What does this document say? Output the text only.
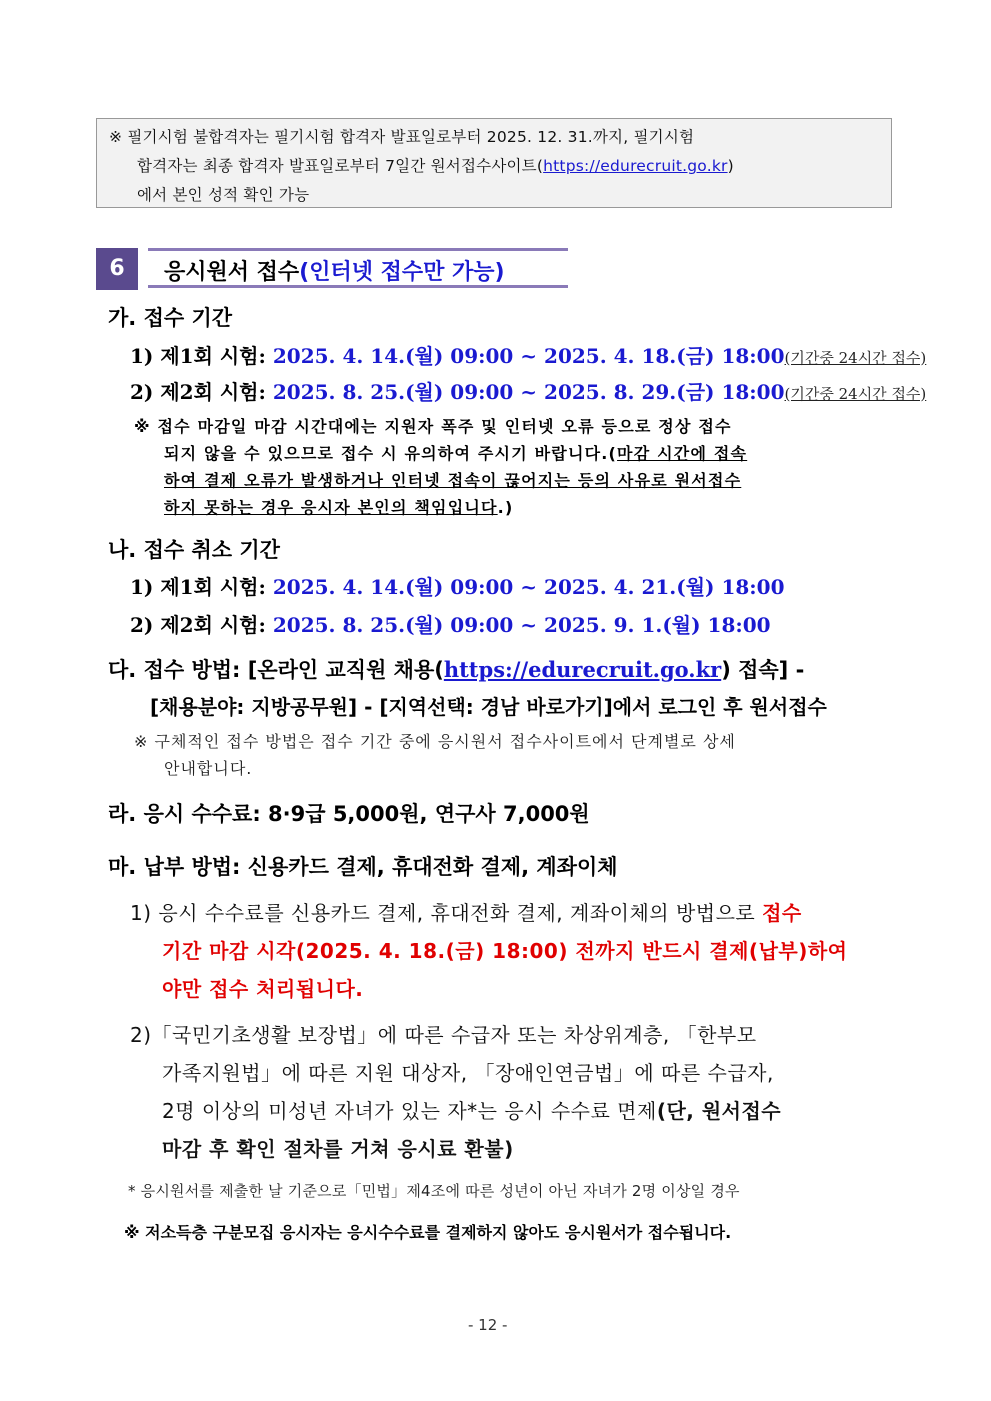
※ 필기시험 불합격자는 필기시험 합격자 발표일로부터 2025. 12. 31.까지, 필기시험
합격자는 최종 합격자 발표일로부터 7일간 원서접수사이트(https://edurecruit.go.kr)
에서 본인 성적 확인 가능
6	응시원서 접수(인터넷 접수만 가능)
가. 접수 기간
1) 제1회 시험: 2025. 4. 14.(월) 09:00 ~ 2025. 4. 18.(금) 18:00(기간중 24시간 접수)
2) 제2회 시험: 2025. 8. 25.(월) 09:00 ~ 2025. 8. 29.(금) 18:00(기간중 24시간 접수)
※ 접수 마감일 마감 시간대에는 지원자 폭주 및 인터넷 오류 등으로 정상 접수
되지 않을 수 있으므로 접수 시 유의하여 주시기 바랍니다.(마감 시간에 접속
하여 결제 오류가 발생하거나 인터넷 접속이 끊어지는 등의 사유로 원서접수
하지 못하는 경우 응시자 본인의 책임입니다.)
나. 접수 취소 기간
1) 제1회 시험: 2025. 4. 14.(월) 09:00 ~ 2025. 4. 21.(월) 18:00
2) 제2회 시험: 2025. 8. 25.(월) 09:00 ~ 2025. 9. 1.(월) 18:00
다. 접수 방법: [온라인 교직원 채용(https://edurecruit.go.kr) 접속] -
[채용분야: 지방공무원] - [지역선택: 경남 바로가기]에서 로그인 후 원서접수
※ 구체적인 접수 방법은 접수 기간 중에 응시원서 접수사이트에서 단계별로 상세
안내합니다.
라. 응시 수수료: 8·9급 5,000원, 연구사 7,000원
마. 납부 방법: 신용카드 결제, 휴대전화 결제, 계좌이체
1) 응시 수수료를 신용카드 결제, 휴대전화 결제, 계좌이체의 방법으로 접수
기간 마감 시각(2025. 4. 18.(금) 18:00) 전까지 반드시 결제(납부)하여
야만 접수 처리됩니다.
2)「국민기초생활 보장법」에 따른 수급자 또는 차상위계층, 「한부모
가족지원법」에 따른 지원 대상자, 「장애인연금법」에 따른 수급자,
2명 이상의 미성년 자녀가 있는 자*는 응시 수수료 면제(단, 원서접수
마감 후 확인 절차를 거쳐 응시료 환불)
* 응시원서를 제출한 날 기준으로「민법」제4조에 따른 성년이 아닌 자녀가 2명 이상일 경우
※ 저소득층 구분모집 응시자는 응시수수료를 결제하지 않아도 응시원서가 접수됩니다.
- 12 -
